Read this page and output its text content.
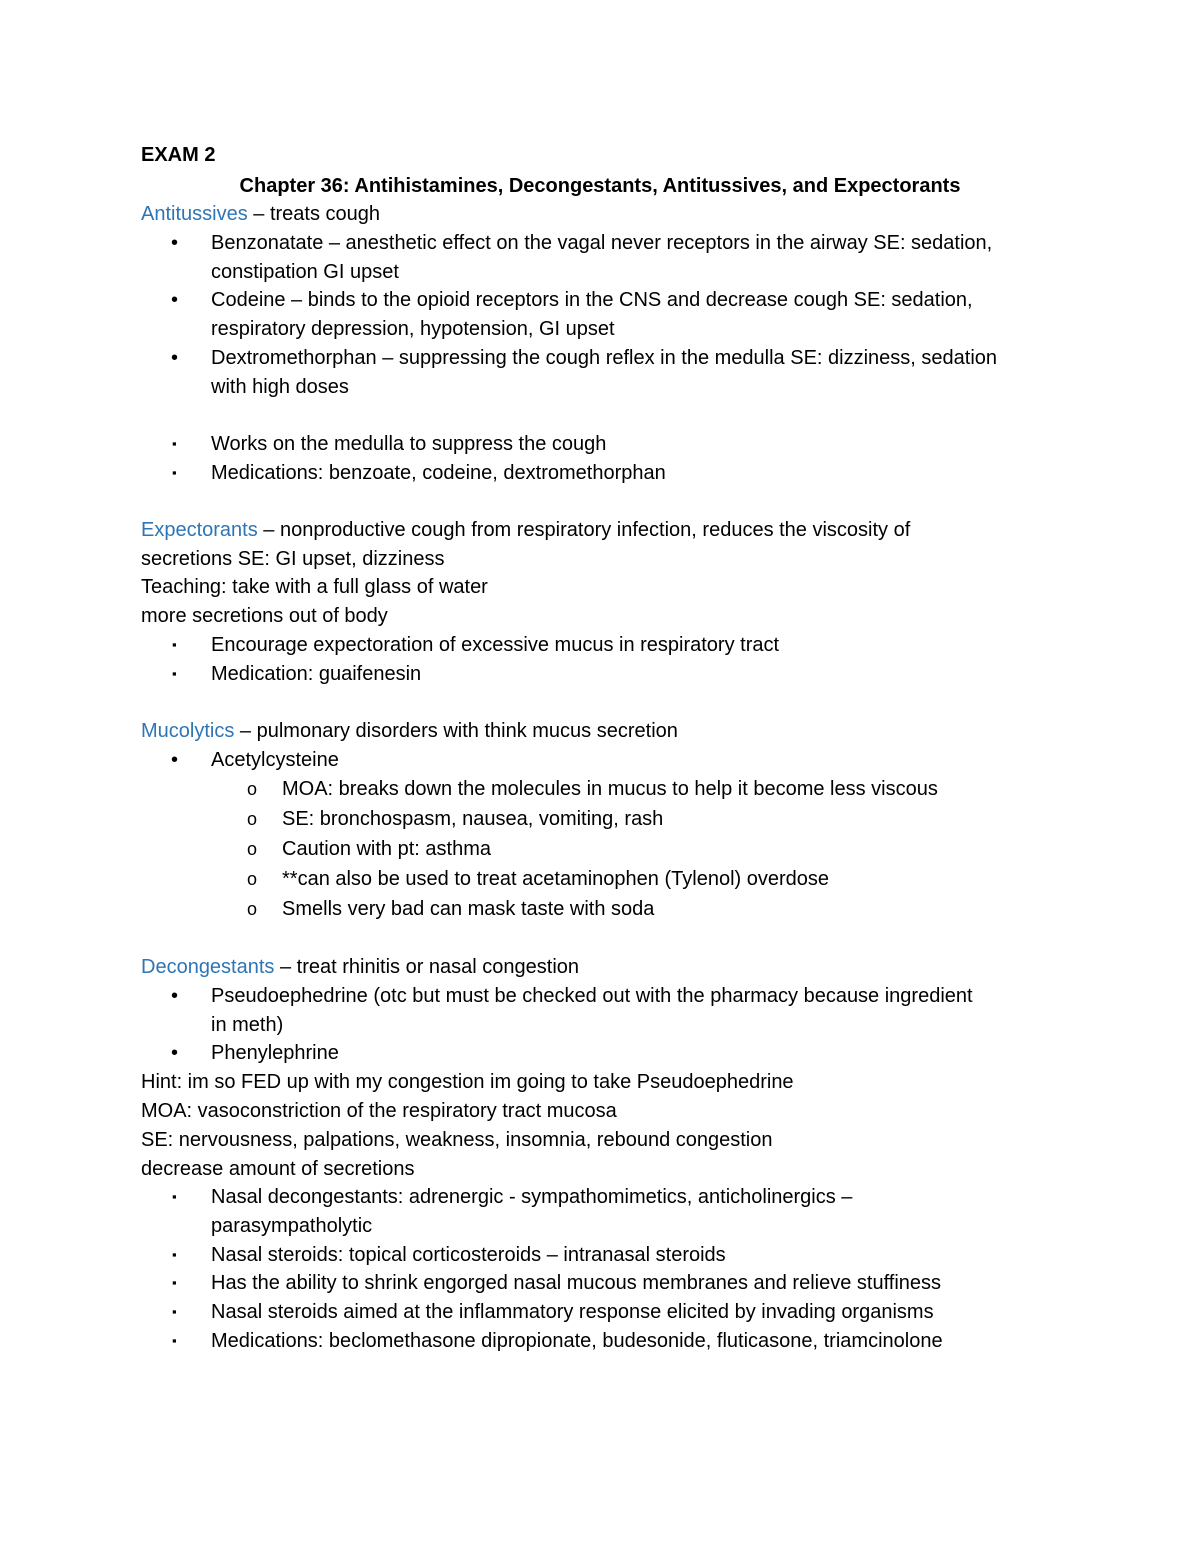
EXAM 2
Chapter 36: Antihistamines, Decongestants, Antitussives, and Expectorants
Antitussives – treats cough
• Benzonatate – anesthetic effect on the vagal never receptors in the airway SE: sedation,
constipation GI upset
• Codeine – binds to the opioid receptors in the CNS and decrease cough SE: sedation,
respiratory depression, hypotension, GI upset
• Dextromethorphan – suppressing the cough reflex in the medulla SE: dizziness, sedation
with high doses
▪ Works on the medulla to suppress the cough
▪ Medications: benzoate, codeine, dextromethorphan
Expectorants – nonproductive cough from respiratory infection, reduces the viscosity of
secretions SE: GI upset, dizziness
Teaching: take with a full glass of water
more secretions out of body
▪ Encourage expectoration of excessive mucus in respiratory tract
▪ Medication: guaifenesin
Mucolytics – pulmonary disorders with think mucus secretion
• Acetylcysteine
o MOA: breaks down the molecules in mucus to help it become less viscous
o SE: bronchospasm, nausea, vomiting, rash
o Caution with pt: asthma
o **can also be used to treat acetaminophen (Tylenol) overdose
o Smells very bad can mask taste with soda
Decongestants – treat rhinitis or nasal congestion
• Pseudoephedrine (otc but must be checked out with the pharmacy because ingredient
in meth)
• Phenylephrine
Hint: im so FED up with my congestion im going to take Pseudoephedrine
MOA: vasoconstriction of the respiratory tract mucosa
SE: nervousness, palpations, weakness, insomnia, rebound congestion
decrease amount of secretions
▪ Nasal decongestants: adrenergic - sympathomimetics, anticholinergics –
parasympatholytic
▪ Nasal steroids: topical corticosteroids – intranasal steroids
▪ Has the ability to shrink engorged nasal mucous membranes and relieve stuffiness
▪ Nasal steroids aimed at the inflammatory response elicited by invading organisms
▪ Medications: beclomethasone dipropionate, budesonide, fluticasone, triamcinolone
